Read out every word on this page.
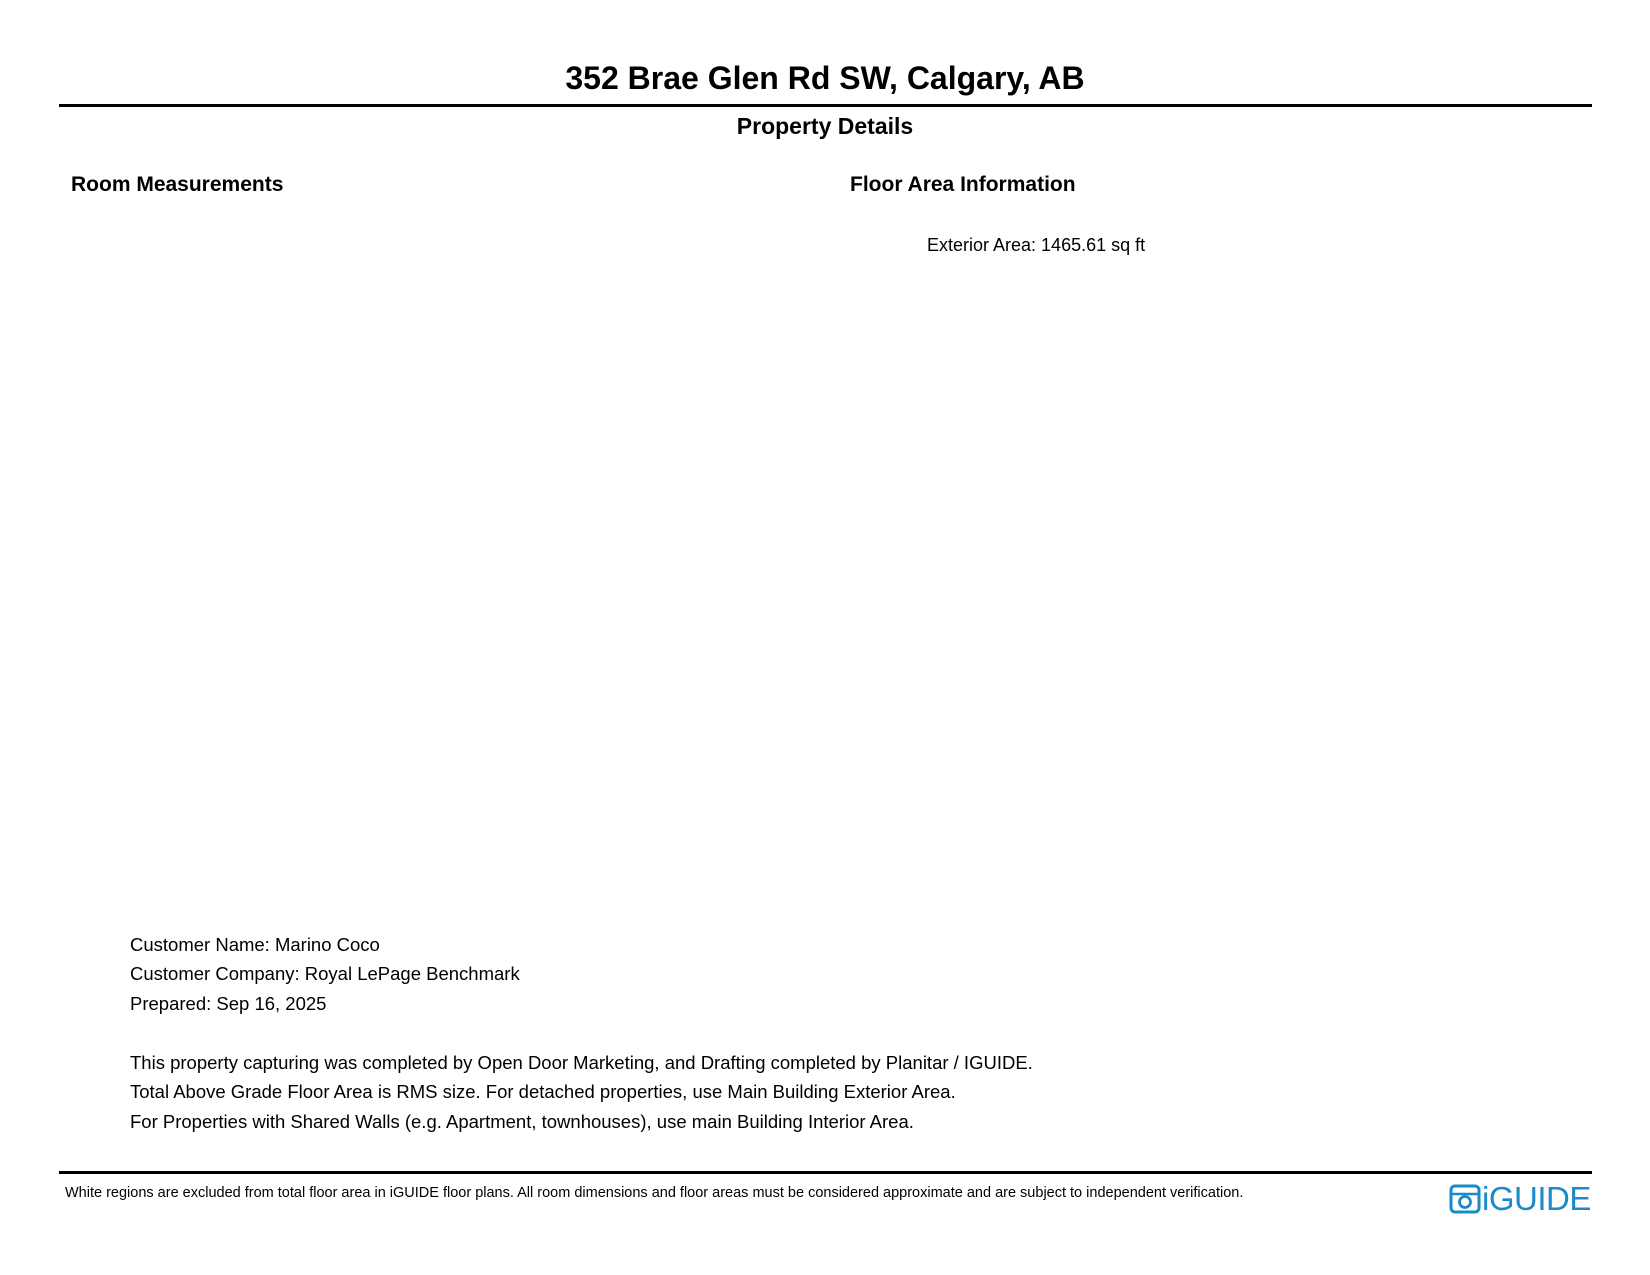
352 Brae Glen Rd SW, Calgary, AB
Property Details
Room Measurements	Floor Area Information
Exterior Area: 1465.61 sq ft
Customer Name: Marino Coco
Customer Company: Royal LePage Benchmark
Prepared: Sep 16, 2025
This property capturing was completed by Open Door Marketing, and Drafting completed by Planitar / IGUIDE.
Total Above Grade Floor Area is RMS size. For detached properties, use Main Building Exterior Area.
For Properties with Shared Walls (e.g. Apartment, townhouses), use main Building Interior Area.
White regions are excluded from total floor area in iGUIDE floor plans. All room dimensions and floor areas must be considered approximate and are subject to independent verification.	iGUIDE
